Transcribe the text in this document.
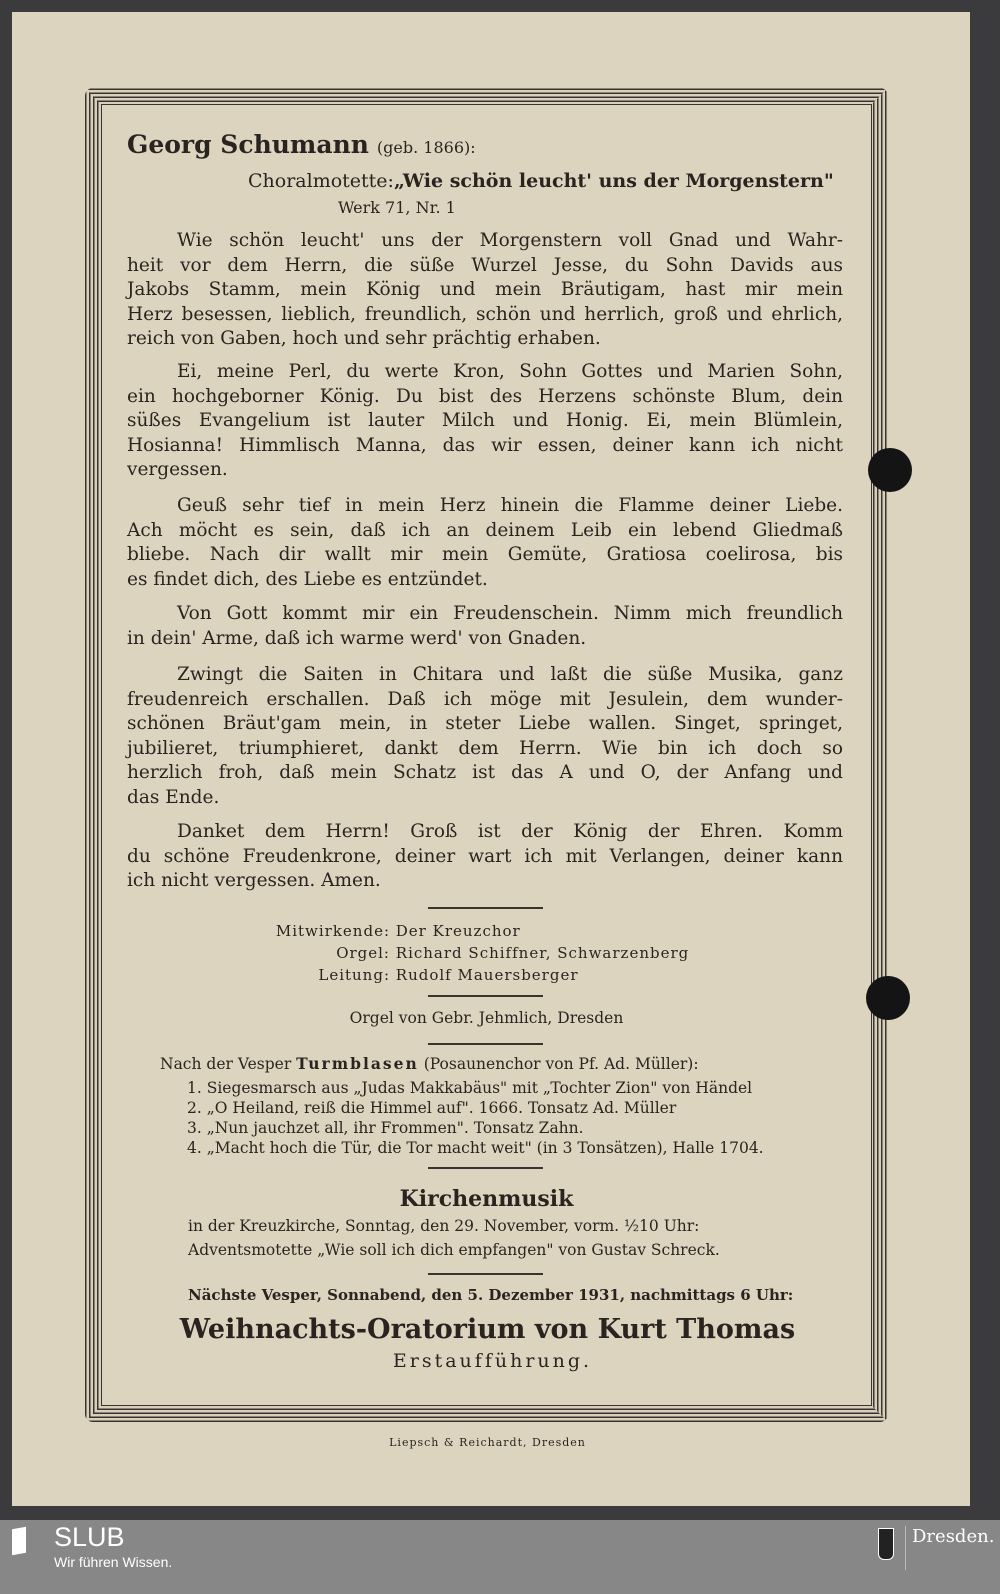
Georg Schumann (geb. 1866):
Choralmotette:„Wie schön leucht' uns der Morgenstern"
Werk 71, Nr. 1
Wie schön leucht' uns der Morgenstern voll Gnad und Wahr-
heit vor dem Herrn, die süße Wurzel Jesse, du Sohn Davids aus
Jakobs Stamm, mein König und mein Bräutigam, hast mir mein
Herz besessen, lieblich, freundlich, schön und herrlich, groß und ehrlich,
reich von Gaben, hoch und sehr prächtig erhaben.
Ei, meine Perl, du werte Kron, Sohn Gottes und Marien Sohn,
ein hochgeborner König. Du bist des Herzens schönste Blum, dein
süßes Evangelium ist lauter Milch und Honig. Ei, mein Blümlein,
Hosianna! Himmlisch Manna, das wir essen, deiner kann ich nicht
vergessen.
Geuß sehr tief in mein Herz hinein die Flamme deiner Liebe.
Ach möcht es sein, daß ich an deinem Leib ein lebend Gliedmaß
bliebe. Nach dir wallt mir mein Gemüte, Gratiosa coelirosa, bis
es findet dich, des Liebe es entzündet.
Von Gott kommt mir ein Freudenschein. Nimm mich freundlich
in dein' Arme, daß ich warme werd' von Gnaden.
Zwingt die Saiten in Chitara und laßt die süße Musika, ganz
freudenreich erschallen. Daß ich möge mit Jesulein, dem wunder-
schönen Bräut'gam mein, in steter Liebe wallen. Singet, springet,
jubilieret, triumphieret, dankt dem Herrn. Wie bin ich doch so
herzlich froh, daß mein Schatz ist das A und O, der Anfang und
das Ende.
Danket dem Herrn! Groß ist der König der Ehren. Komm
du schöne Freudenkrone, deiner wart ich mit Verlangen, deiner kann
ich nicht vergessen. Amen.
Mitwirkende: Der Kreuzchor
Orgel: Richard Schiffner, Schwarzenberg
Leitung: Rudolf Mauersberger
Orgel von Gebr. Jehmlich, Dresden
Nach der Vesper Turmblasen (Posaunenchor von Pf. Ad. Müller):
1. Siegesmarsch aus „Judas Makkabäus" mit „Tochter Zion" von Händel
2. „O Heiland, reiß die Himmel auf". 1666. Tonsatz Ad. Müller
3. „Nun jauchzet all, ihr Frommen". Tonsatz Zahn.
4. „Macht hoch die Tür, die Tor macht weit" (in 3 Tonsätzen), Halle 1704.
Kirchenmusik
in der Kreuzkirche, Sonntag, den 29. November, vorm. ½10 Uhr:
Adventsmotette „Wie soll ich dich empfangen" von Gustav Schreck.
Nächste Vesper, Sonnabend, den 5. Dezember 1931, nachmittags 6 Uhr:
Weihnachts-Oratorium von Kurt Thomas
Erstaufführung.
Liepsch & Reichardt, Dresden
SLUB
Wir führen Wissen.
Dresden.
